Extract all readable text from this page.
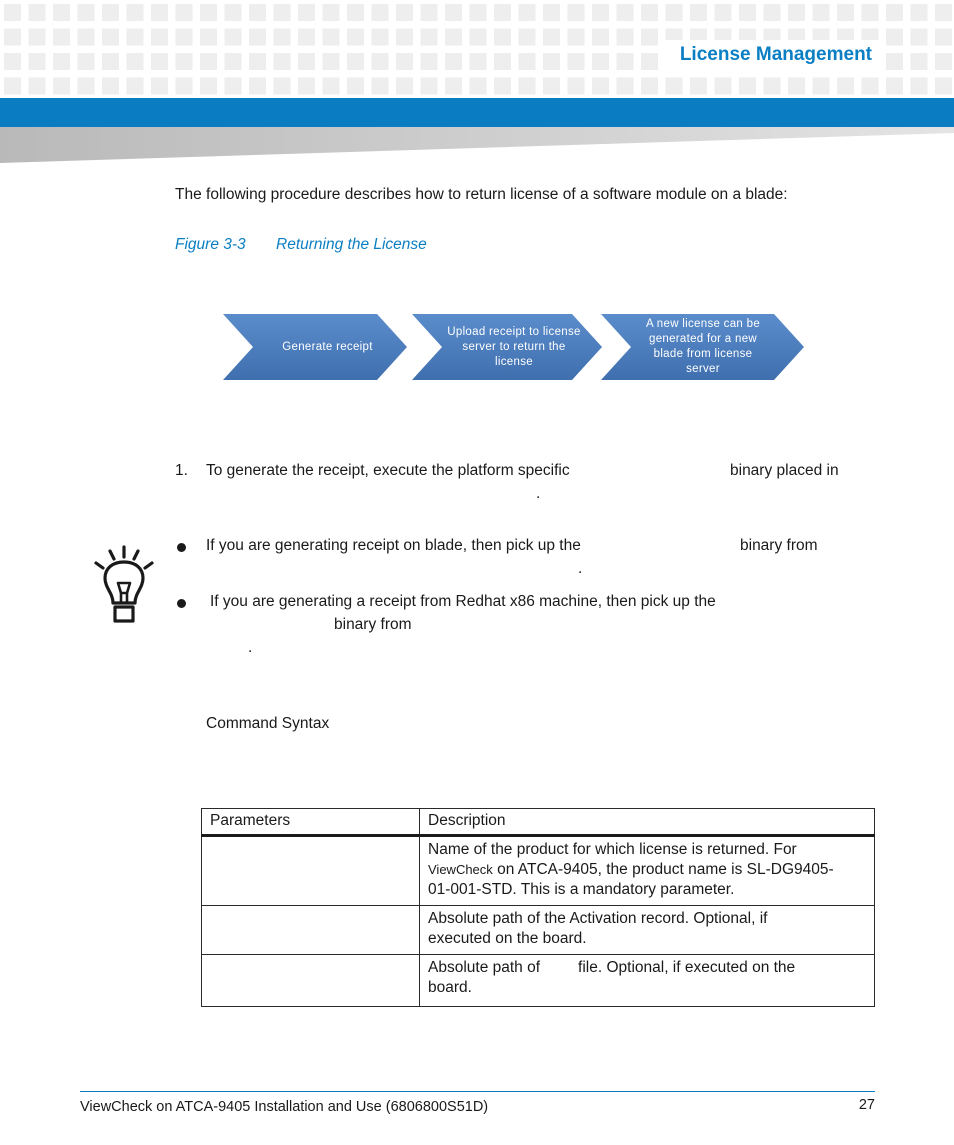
License Management
The following procedure describes how to return license of a software module on a blade:
Figure 3-3 Returning the License
Generate receipt
Upload receipt to license server to return the license
A new license can be generated for a new blade from license server
1. To generate the receipt, execute the platform specific	binary placed in
.
If you are generating receipt on blade, then pick up the	binary from
.
If you are generating a receipt from Redhat x86 machine, then pick up the
binary from
.
Command Syntax
Parameters	Description
	Name of the product for which license is returned. For
ViewCheck on ATCA-9405, the product name is SL-DG9405-
01-001-STD. This is a mandatory parameter.
	Absolute path of the Activation record. Optional, if
executed on the board.
	Absolute path of file. Optional, if executed on the
board.
ViewCheck on ATCA-9405 Installation and Use (6806800S51D)	27
